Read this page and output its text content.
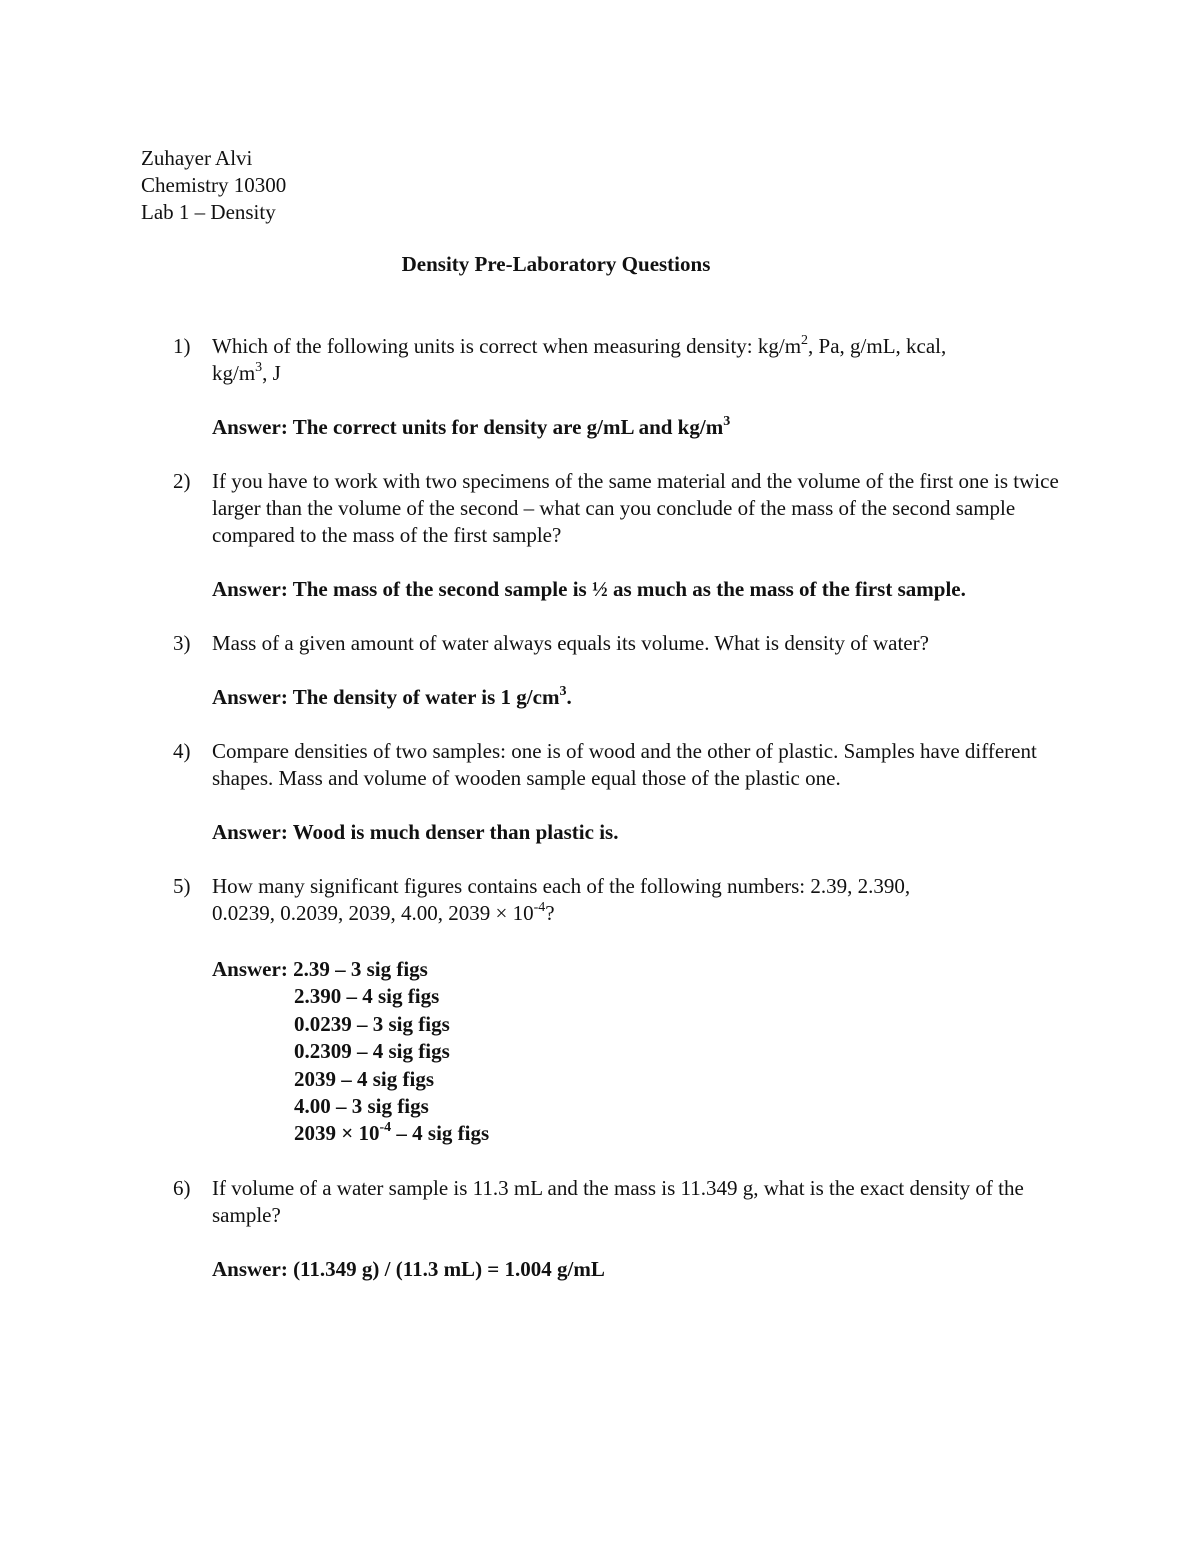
Zuhayer Alvi
Chemistry 10300
Lab 1 – Density
Density Pre-Laboratory Questions
1) Which of the following units is correct when measuring density: $kg/m^2$, Pa, g/mL, kcal,
$kg/m^3$, J
Answer: The correct units for density are g/mL and $kg/m^3$
2) If you have to work with two specimens of the same material and the volume of the first one is twice larger than the volume of the second – what can you conclude of the mass of the second sample compared to the mass of the first sample?
Answer: The mass of the second sample is ½ as much as the mass of the first sample.
3) Mass of a given amount of water always equals its volume. What is density of water?
Answer: The density of water is 1 $g/cm^3$.
4) Compare densities of two samples: one is of wood and the other of plastic. Samples have different shapes. Mass and volume of wooden sample equal those of the plastic one.
Answer: Wood is much denser than plastic is.
5) How many significant figures contains each of the following numbers: 2.39, 2.390,
0.0239, 0.2039, 2039, 4.00, $2039 \times 10^{-4}$?
Answer: 2.39 – 3 sig figs
2.390 – 4 sig figs
0.0239 – 3 sig figs
0.2309 – 4 sig figs
2039 – 4 sig figs
4.00 – 3 sig figs
$2039 \times 10^{-4} - 4$ sig figs
6) If volume of a water sample is 11.3 mL and the mass is 11.349 g, what is the exact density of the sample?
Answer: (11.349 g) / (11.3 mL) = 1.004 g/mL
